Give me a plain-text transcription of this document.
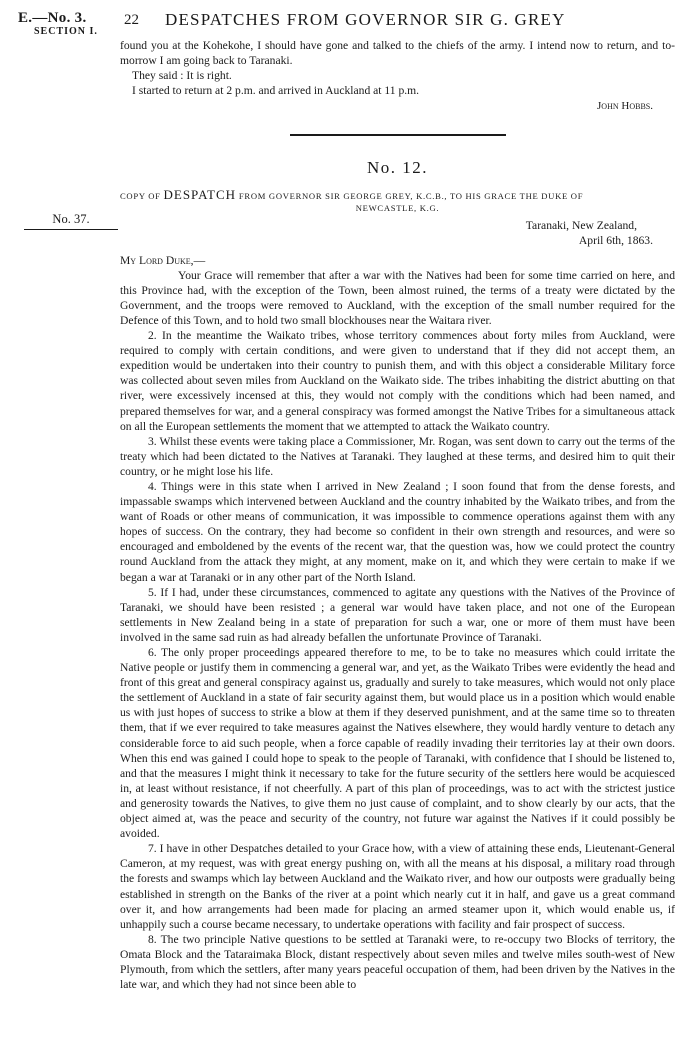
E.—No. 3.
SECTION I.
22 DESPATCHES FROM GOVERNOR SIR G. GREY
No. 37.

found you at the Kohekohe, I should have gone and talked to the chiefs of the army. I intend now to return, and to-morrow I am going back to Taranaki.

They said : It is right.

I started to return at 2 p.m. and arrived in Auckland at 11 p.m.

John Hobbs.

No. 12.

COPY OF DESPATCH FROM GOVERNOR SIR GEORGE GREY, K.C.B., TO HIS GRACE THE DUKE OF
NEWCASTLE, K.G.

Taranaki, New Zealand,
April 6th, 1863.

My Lord Duke,—

Your Grace will remember that after a war with the Natives had been for some time carried on here, and this Province had, with the exception of the Town, been almost ruined, the terms of a treaty were dictated by the Government, and the troops were removed to Auckland, with the exception of the small number required for the Defence of this Town, and to hold two small blockhouses near the Waitara river.

2. In the meantime the Waikato tribes, whose territory commences about forty miles from Auckland, were required to comply with certain conditions, and were given to understand that if they did not accept them, an expedition would be undertaken into their country to punish them, and with this object a considerable Military force was collected about seven miles from Auckland on the Waikato side. The tribes inhabiting the district abutting on that river, were excessively incensed at this, they would not comply with the conditions which had been named, and prepared themselves for war, and a general conspiracy was formed amongst the Native Tribes for a simultaneous attack on all the European settlements the moment that we attempted to attack the Waikato country.

3. Whilst these events were taking place a Commissioner, Mr. Rogan, was sent down to carry out the terms of the treaty which had been dictated to the Natives at Taranaki. They laughed at these terms, and desired him to quit their country, or he might lose his life.

4. Things were in this state when I arrived in New Zealand ; I soon found that from the dense forests, and impassable swamps which intervened between Auckland and the country inhabited by the Waikato tribes, and from the want of Roads or other means of communication, it was impossible to commence operations against them with any hopes of success. On the contrary, they had become so confident in their own strength and resources, and were so encouraged and emboldened by the events of the recent war, that the question was, how we could protect the country round Auckland from the attack they might, at any moment, make on it, and which they were certain to make if we began a war at Taranaki or in any other part of the North Island.

5. If I had, under these circumstances, commenced to agitate any questions with the Natives of the Province of Taranaki, we should have been resisted ; a general war would have taken place, and not one of the European settlements in New Zealand being in a state of preparation for such a war, one or more of them must have been involved in the same sad ruin as had already befallen the unfortunate Province of Taranaki.

6. The only proper proceedings appeared therefore to me, to be to take no measures which could irritate the Native people or justify them in commencing a general war, and yet, as the Waikato Tribes were evidently the head and front of this great and general conspiracy against us, gradually and surely to take measures, which would not only place the settlement of Auckland in a state of fair security against them, but would place us in a position which would enable us with just hopes of success to strike a blow at them if they deserved punishment, and at the same time so to threaten them, that if we ever required to take measures against the Natives elsewhere, they would hardly venture to detach any considerable force to aid such people, when a force capable of readily invading their territories lay at their own doors. When this end was gained I could hope to speak to the people of Taranaki, with confidence that I should be listened to, and that the measures I might think it necessary to take for the future security of the settlers here would be acquiesced in, at least without resistance, if not cheerfully. A part of this plan of proceedings, was to act with the strictest justice and generosity towards the Natives, to give them no just cause of complaint, and to show clearly by our acts, that the object aimed at, was the peace and security of the country, not future war against the Natives if it could possibly be avoided.

7. I have in other Despatches detailed to your Grace how, with a view of attaining these ends, Lieutenant-General Cameron, at my request, was with great energy pushing on, with all the means at his disposal, a military road through the forests and swamps which lay between Auckland and the Waikato river, and how our outposts were gradually being established in strength on the Banks of the river at a point which nearly cut it in half, and gave us a great command over it, and how arrangements had been made for placing an armed steamer upon it, which would enable us, if unhappily such a course became necessary, to undertake operations with facility and fair prospect of success.

8. The two principle Native questions to be settled at Taranaki were, to re-occupy two Blocks of territory, the Omata Block and the Tataraimaka Block, distant respectively about seven miles and twelve miles south-west of New Plymouth, from which the settlers, after many years peaceful occupation of them, had been driven by the Natives in the late war, and which they had not since been able to
